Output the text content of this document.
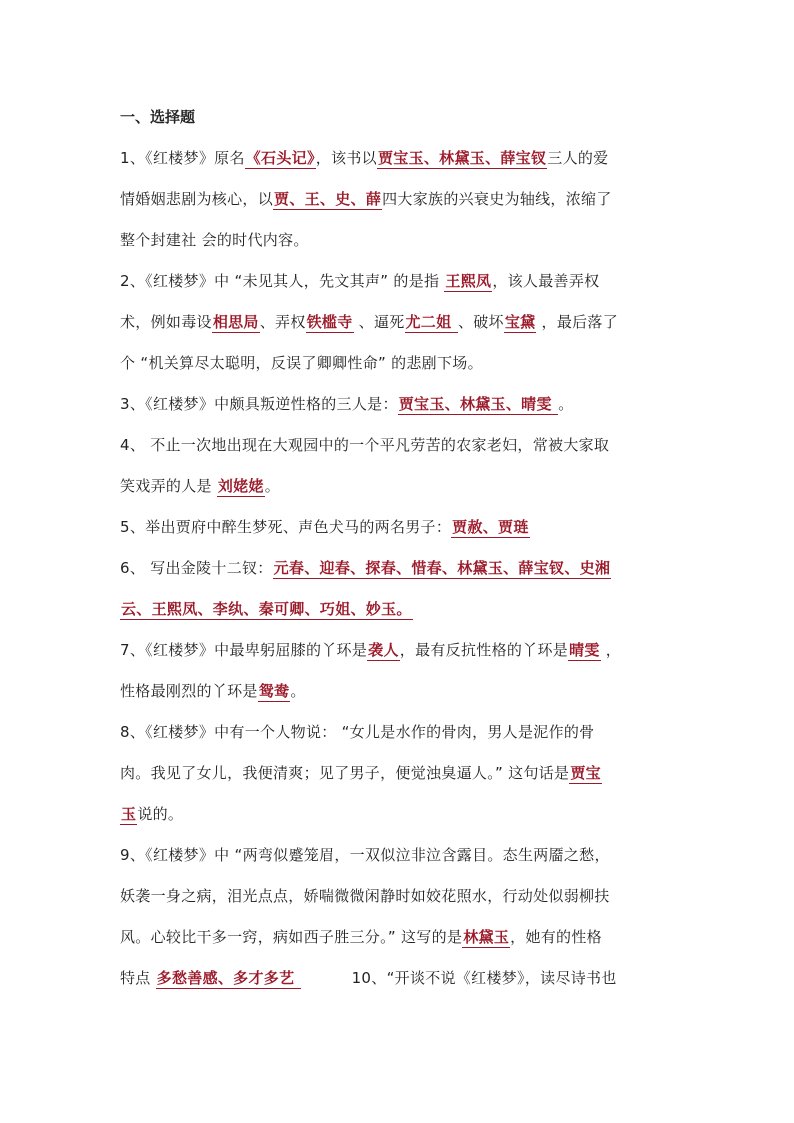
一、选择题
1、《红楼梦》原名《石头记》，该书以贾宝玉、林黛玉、薛宝钗三人的爱
情婚姻悲剧为核心，以贾、王、史、薛四大家族的兴衰史为轴线，浓缩了
整个封建社 会的时代内容。
2、《红楼梦》中 “未见其人，先文其声” 的是指 王熙凤，该人最善弄权
术，例如毒设相思局、弄权铁槛寺 、逼死尤二姐 、破坏宝黛 ，最后落了
个 “机关算尽太聪明，反误了卿卿性命” 的悲剧下场。
3、《红楼梦》中颇具叛逆性格的三人是：贾宝玉、林黛玉、晴雯 。
4、 不止一次地出现在大观园中的一个平凡劳苦的农家老妇，常被大家取
笑戏弄的人是 刘姥姥。
5、举出贾府中醉生梦死、声色犬马的两名男子：贾赦、贾琏
6、 写出金陵十二钗：元春、迎春、探春、惜春、林黛玉、薛宝钗、史湘
云、王熙凤、李纨、秦可卿、巧姐、妙玉。
7、《红楼梦》中最卑躬屈膝的丫环是袭人，最有反抗性格的丫环是晴雯 ，
性格最刚烈的丫环是鸳鸯。
8、《红楼梦》中有一个人物说： “女儿是水作的骨肉，男人是泥作的骨
肉。我见了女儿，我便清爽；见了男子，便觉浊臭逼人。” 这句话是贾宝
玉说的。
9、《红楼梦》中 “两弯似蹙笼眉，一双似泣非泣含露目。态生两靥之愁，
妖袭一身之病，泪光点点，娇喘微微闲静时如姣花照水，行动处似弱柳扶
风。心较比干多一窍，病如西子胜三分。” 这写的是林黛玉，她有的性格
特点 多愁善感、多才多艺           10、“开谈不说《红楼梦》，读尽诗书也
